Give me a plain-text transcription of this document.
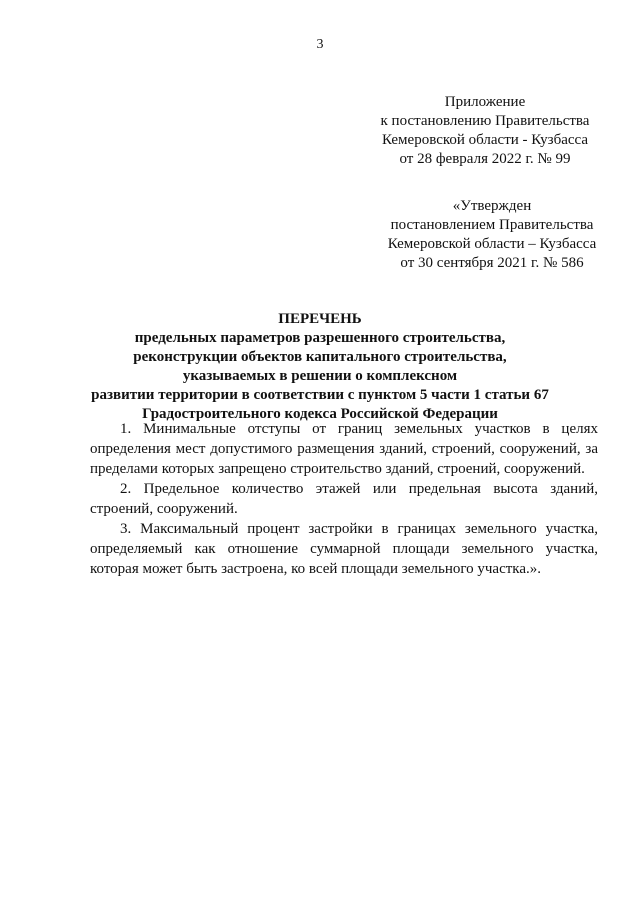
3
Приложение
к постановлению Правительства
Кемеровской области - Кузбасса
от 28 февраля 2022 г. № 99
«Утвержден
постановлением Правительства
Кемеровской области – Кузбасса
от 30 сентября 2021 г. № 586
ПЕРЕЧЕНЬ
предельных параметров разрешенного строительства,
реконструкции объектов капитального строительства,
указываемых в решении о комплексном
развитии территории в соответствии с пунктом 5 части 1 статьи 67
Градостроительного кодекса Российской Федерации

1. Минимальные отступы от границ земельных участков в целях определения мест допустимого размещения зданий, строений, сооружений, за пределами которых запрещено строительство зданий, строений, сооружений.

2. Предельное количество этажей или предельная высота зданий, строений, сооружений.

3. Максимальный процент застройки в границах земельного участка, определяемый как отношение суммарной площади земельного участка, которая может быть застроена, ко всей площади земельного участка.».
